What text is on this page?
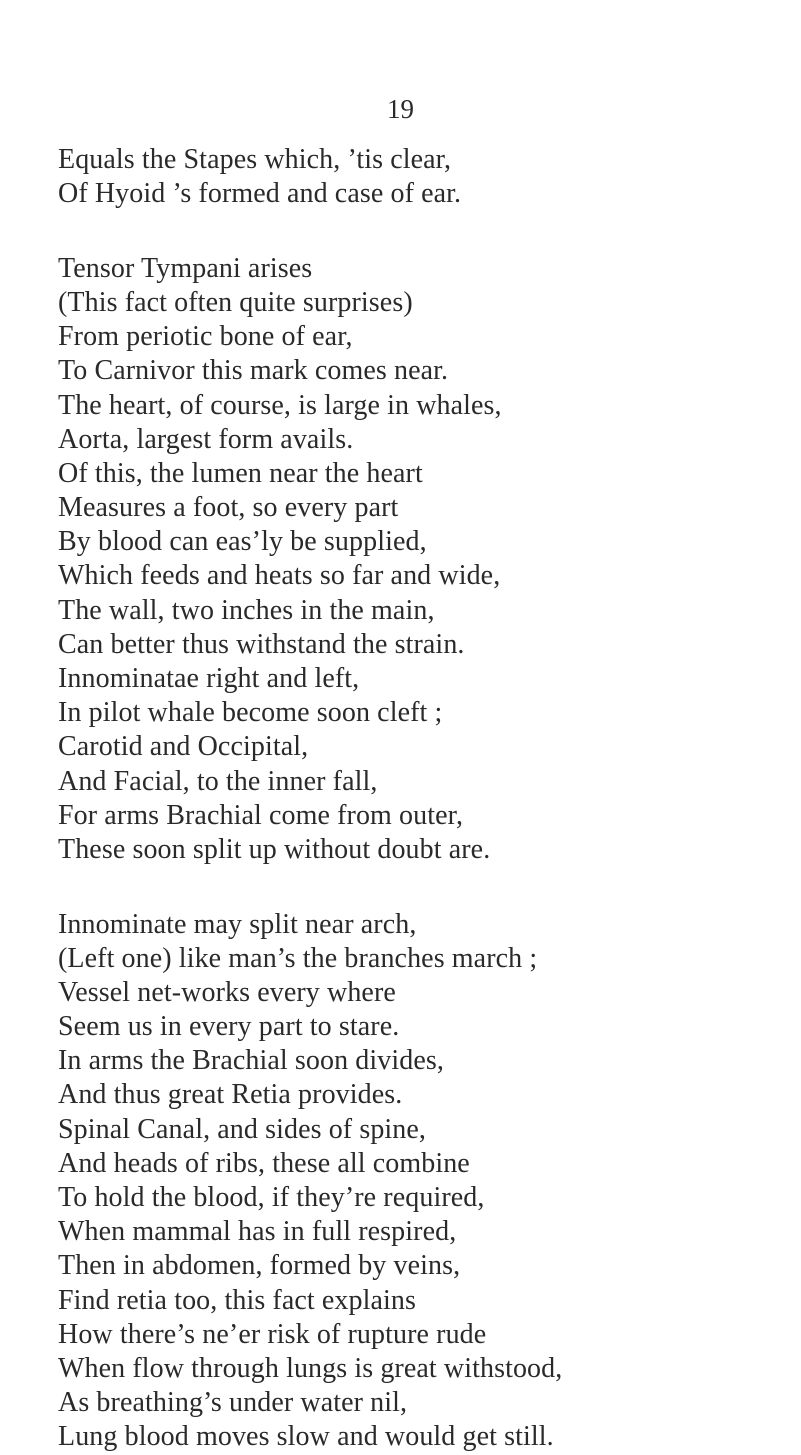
19
Equals the Stapes which, ’tis clear,
Of Hyoid ’s formed and case of ear.
Tensor Tympani arises
(This fact often quite surprises)
From periotic bone of ear,
To Carnivor this mark comes near.
The heart, of course, is large in whales,
Aorta, largest form avails.
Of this, the lumen near the heart
Measures a foot, so every part
By blood can eas’ly be supplied,
Which feeds and heats so far and wide,
The wall, two inches in the main,
Can better thus withstand the strain.
Innominatae right and left,
In pilot whale become soon cleft ;
Carotid and Occipital,
And Facial, to the inner fall,
For arms Brachial come from outer,
These soon split up without doubt are.
Innominate may split near arch,
(Left one) like man’s the branches march ;
Vessel net-works every where
Seem us in every part to stare.
In arms the Brachial soon divides,
And thus great Retia provides.
Spinal Canal, and sides of spine,
And heads of ribs, these all combine
To hold the blood, if they’re required,
When mammal has in full respired,
Then in abdomen, formed by veins,
Find retia too, this fact explains
How there’s ne’er risk of rupture rude
When flow through lungs is great withstood,
As breathing’s under water nil,
Lung blood moves slow and would get still.
